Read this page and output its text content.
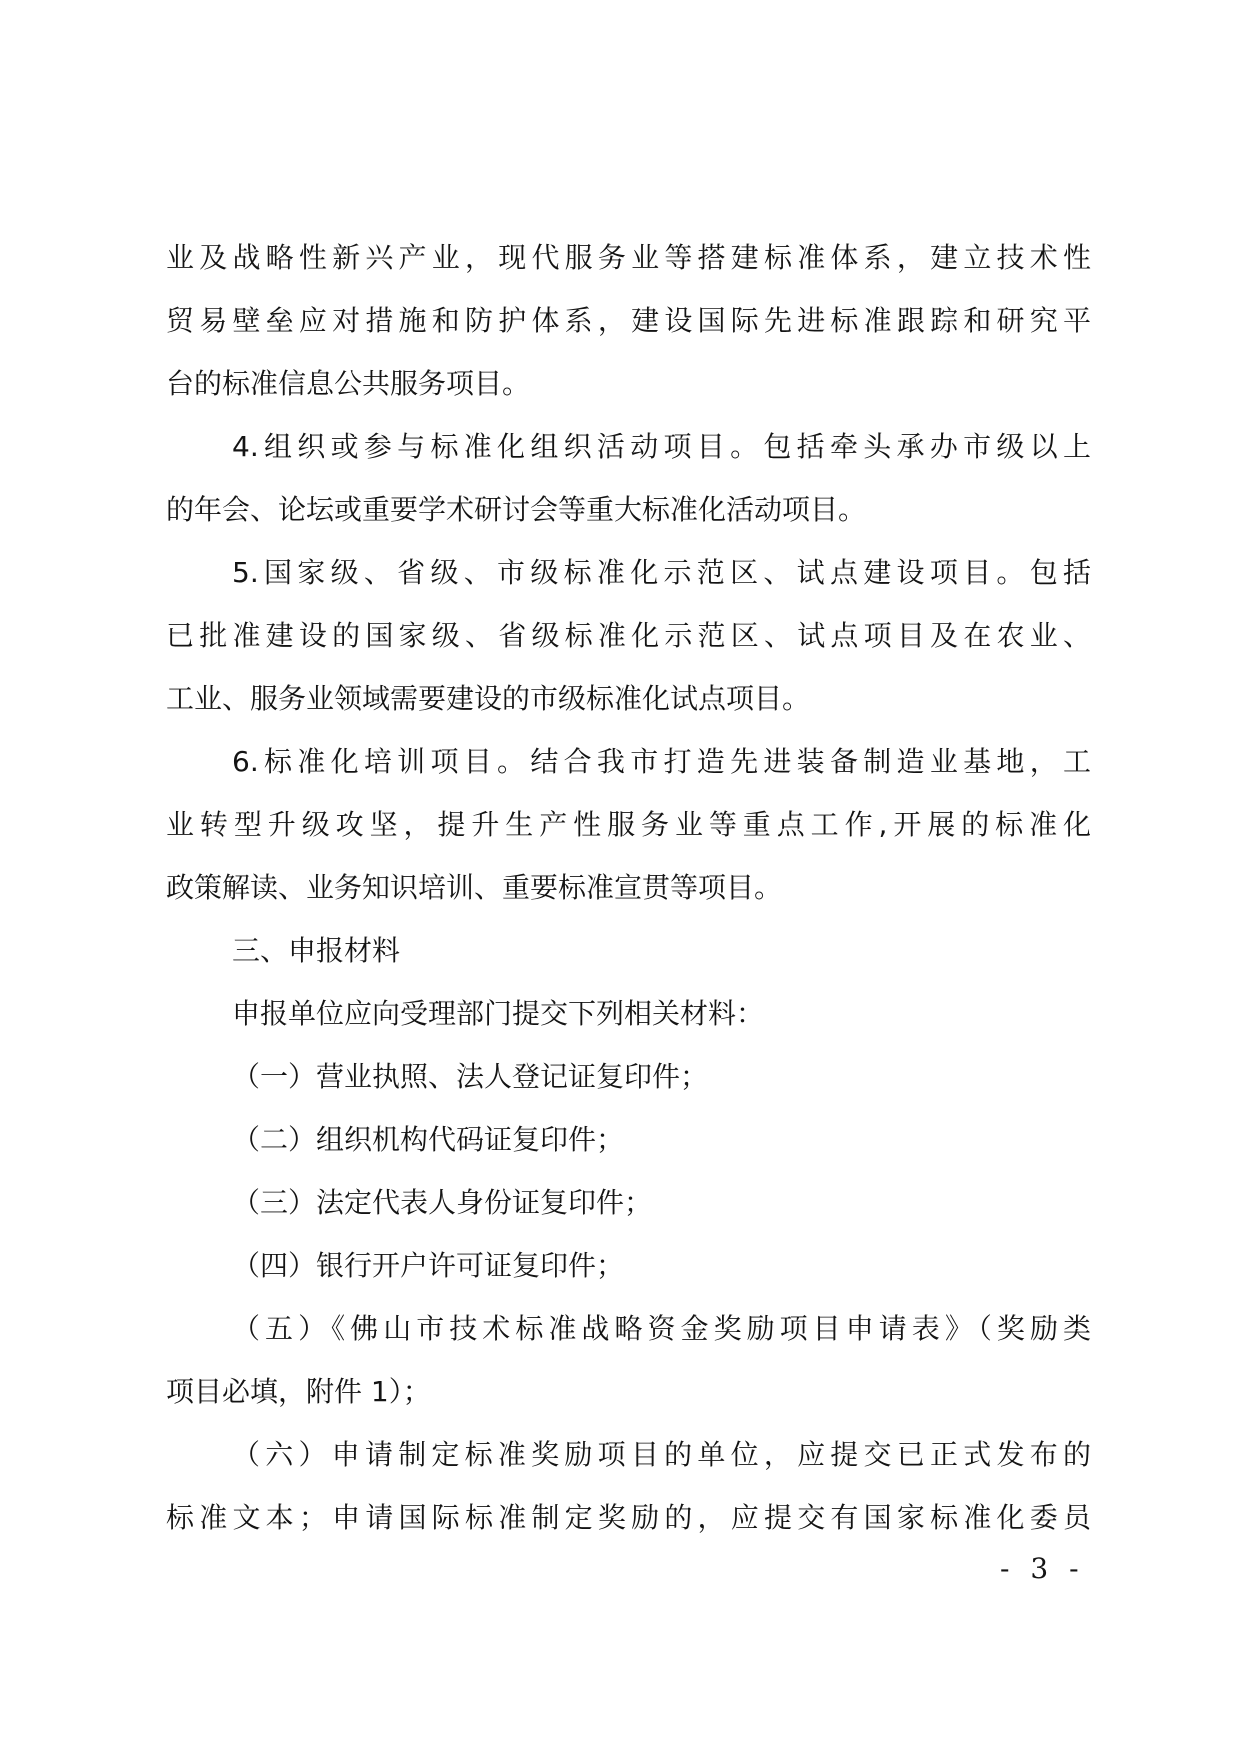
业及战略性新兴产业，现代服务业等搭建标准体系，建立技术性
贸易壁垒应对措施和防护体系，建设国际先进标准跟踪和研究平
台的标准信息公共服务项目。
4.组织或参与标准化组织活动项目。包括牵头承办市级以上
的年会、论坛或重要学术研讨会等重大标准化活动项目。
5.国家级、省级、市级标准化示范区、试点建设项目。包括
已批准建设的国家级、省级标准化示范区、试点项目及在农业、
工业、服务业领域需要建设的市级标准化试点项目。
6.标准化培训项目。结合我市打造先进装备制造业基地，工
业转型升级攻坚，提升生产性服务业等重点工作,开展的标准化
政策解读、业务知识培训、重要标准宣贯等项目。
三、申报材料
申报单位应向受理部门提交下列相关材料：
（一）营业执照、法人登记证复印件；
（二）组织机构代码证复印件；
（三）法定代表人身份证复印件；
（四）银行开户许可证复印件；
（五）《佛山市技术标准战略资金奖励项目申请表》（奖励类
项目必填，附件 1）；
（六）申请制定标准奖励项目的单位，应提交已正式发布的
标准文本；申请国际标准制定奖励的，应提交有国家标准化委员
- 3 -
